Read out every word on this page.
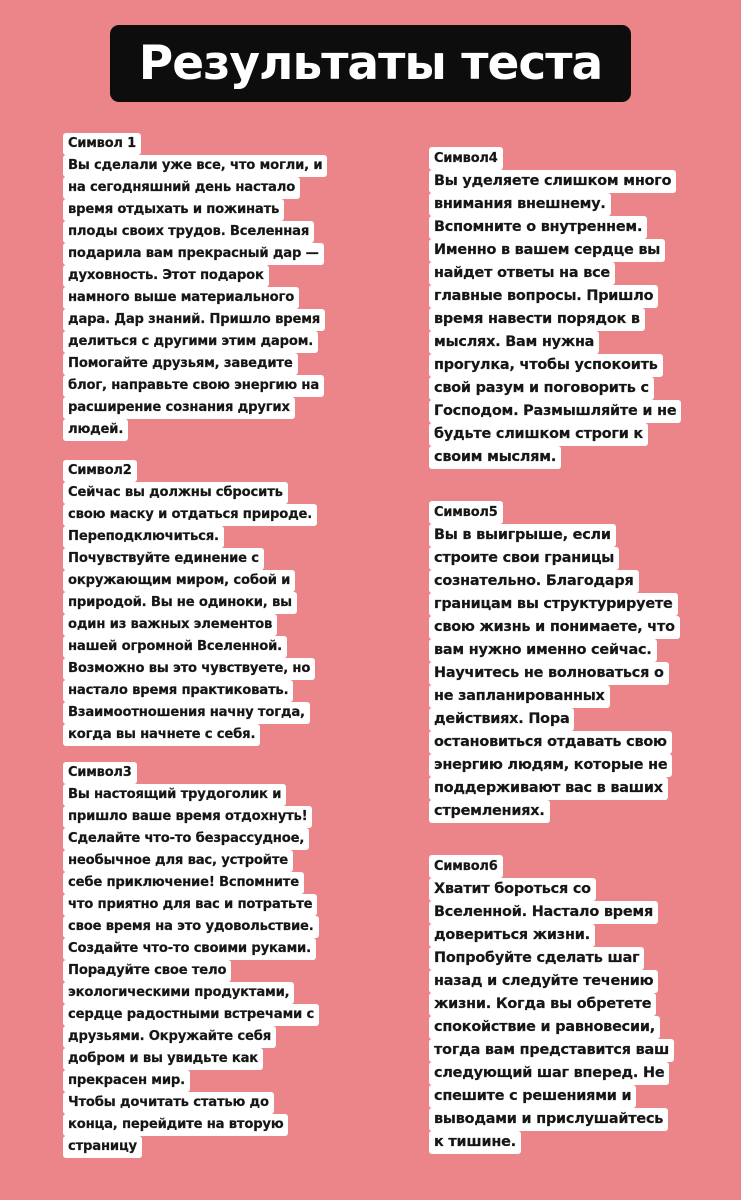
Результаты теста
Символ 1
Вы сделали уже все, что могли, и
на сегодняшний день настало
время отдыхать и пожинать
плоды своих трудов. Вселенная
подарила вам прекрасный дар —
духовность. Этот подарок
намного выше материального
дара. Дар знаний. Пришло время
делиться с другими этим даром.
Помогайте друзьям, заведите
блог, направьте свою энергию на
расширение сознания других
людей.
Символ2
Сейчас вы должны сбросить
свою маску и отдаться природе.
Переподключиться.
Почувствуйте единение с
окружающим миром, собой и
природой. Вы не одиноки, вы
один из важных элементов
нашей огромной Вселенной.
Возможно вы это чувствуете, но
настало время практиковать.
Взаимоотношения начну тогда,
когда вы начнете с себя.
Символ3
Вы настоящий трудоголик и
пришло ваше время отдохнуть!
Сделайте что-то безрассудное,
необычное для вас, устройте
себе приключение! Вспомните
что приятно для вас и потратьте
свое время на это удовольствие.
Создайте что-то своими руками.
Порадуйте свое тело
экологическими продуктами,
сердце радостными встречами с
друзьями. Окружайте себя
добром и вы увидьте как
прекрасен мир.
Чтобы дочитать статью до
конца, перейдите на вторую
страницу
Символ4
Вы уделяете слишком много
внимания внешнему.
Вспомните о внутреннем.
Именно в вашем сердце вы
найдет ответы на все
главные вопросы. Пришло
время навести порядок в
мыслях. Вам нужна
прогулка, чтобы успокоить
свой разум и поговорить с
Господом. Размышляйте и не
будьте слишком строги к
своим мыслям.
Символ5
Вы в выигрыше, если
строите свои границы
сознательно. Благодаря
границам вы структурируете
свою жизнь и понимаете, что
вам нужно именно сейчас.
Научитесь не волноваться о
не запланированных
действиях. Пора
остановиться отдавать свою
энергию людям, которые не
поддерживают вас в ваших
стремлениях.
Символ6
Хватит бороться со
Вселенной. Настало время
довериться жизни.
Попробуйте сделать шаг
назад и следуйте течению
жизни. Когда вы обретете
спокойствие и равновесии,
тогда вам представится ваш
следующий шаг вперед. Не
спешите с решениями и
выводами и прислушайтесь
к тишине.
